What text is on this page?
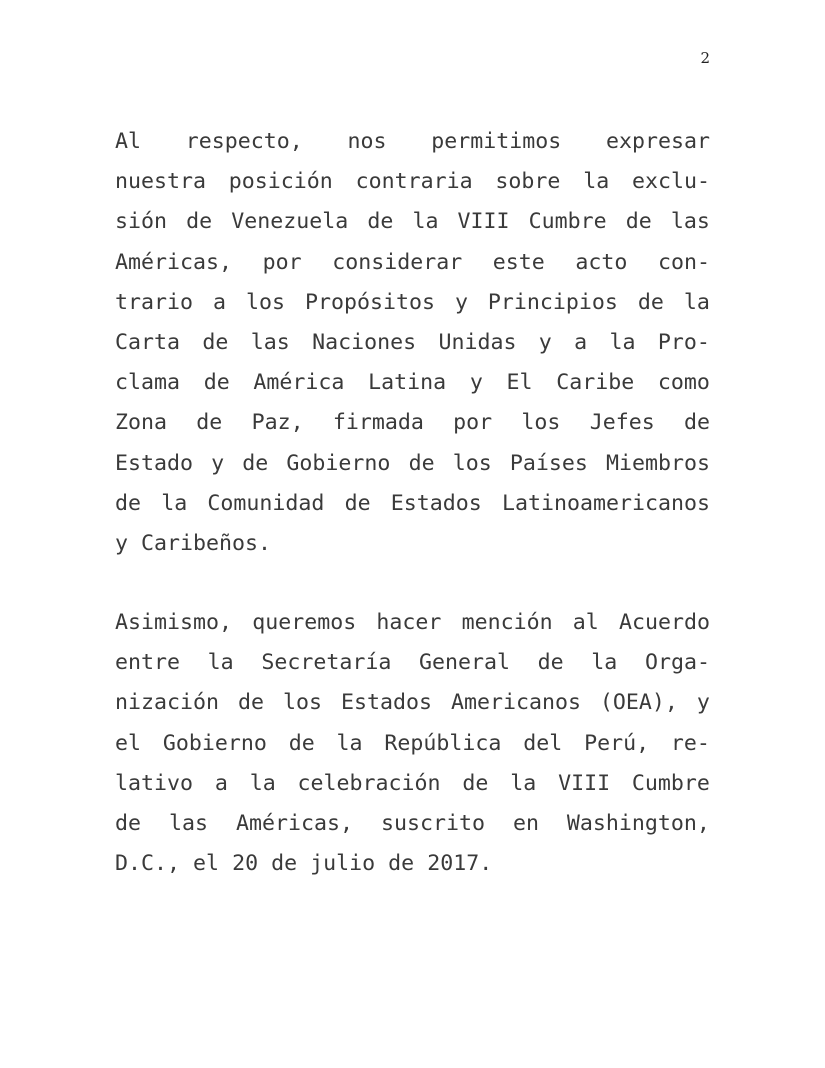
2
Al respecto, nos permitimos expresar
nuestra posición contraria sobre la exclu-
sión de Venezuela de la VIII Cumbre de las
Américas, por considerar este acto con-
trario a los Propósitos y Principios de la
Carta de las Naciones Unidas y a la Pro-
clama de América Latina y El Caribe como
Zona de Paz, firmada por los Jefes de
Estado y de Gobierno de los Países Miembros
de la Comunidad de Estados Latinoamericanos
y Caribeños.
Asimismo, queremos hacer mención al Acuerdo
entre la Secretaría General de la Orga-
nización de los Estados Americanos (OEA), y
el Gobierno de la República del Perú, re-
lativo a la celebración de la VIII Cumbre
de las Américas, suscrito en Washington,
D.C., el 20 de julio de 2017.
